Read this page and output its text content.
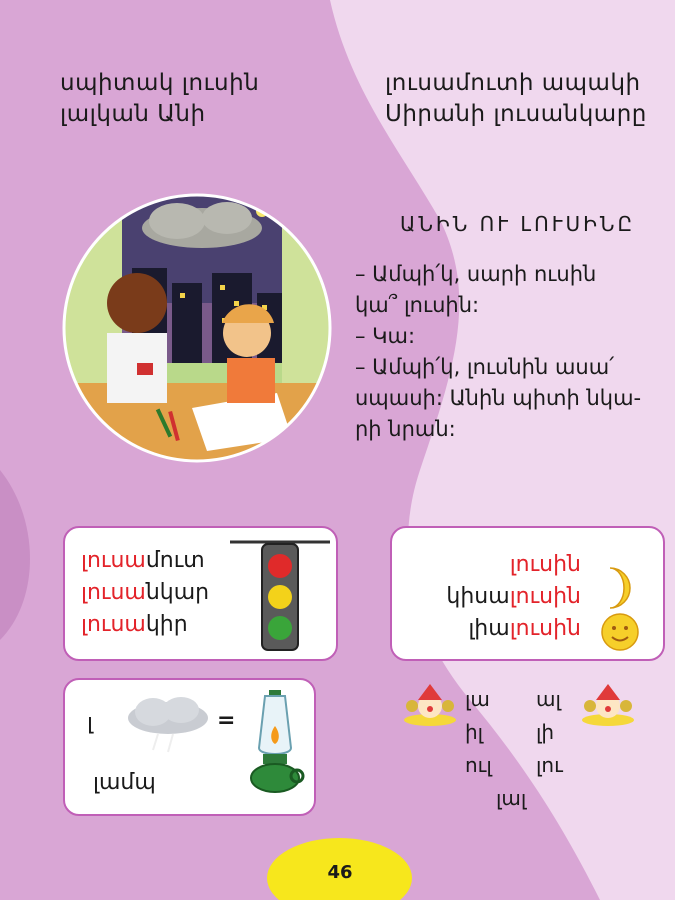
սպիտակ լուսին
լալկան Անի
լուսամուտի ապակի
Սիրանի լուսանկարը
ԱՆԻՆ ՈՒ ԼՈՒՍԻՆԸ
– Ամպի՛կ, սարի ուսին
կա՞ լուսին:
– Կա:
– Ամպի՛կ, լուսնին ասա՛
սպասի: Անին պիտի նկա-
րի նրան:
լուսամուտ
լուսանկար
լուսակիր
լուսին
կիսալուսին
լիալուսին
լ	=
լամպ
լա
իլ
ուլ
ալ
լի
լու
լալ
46
